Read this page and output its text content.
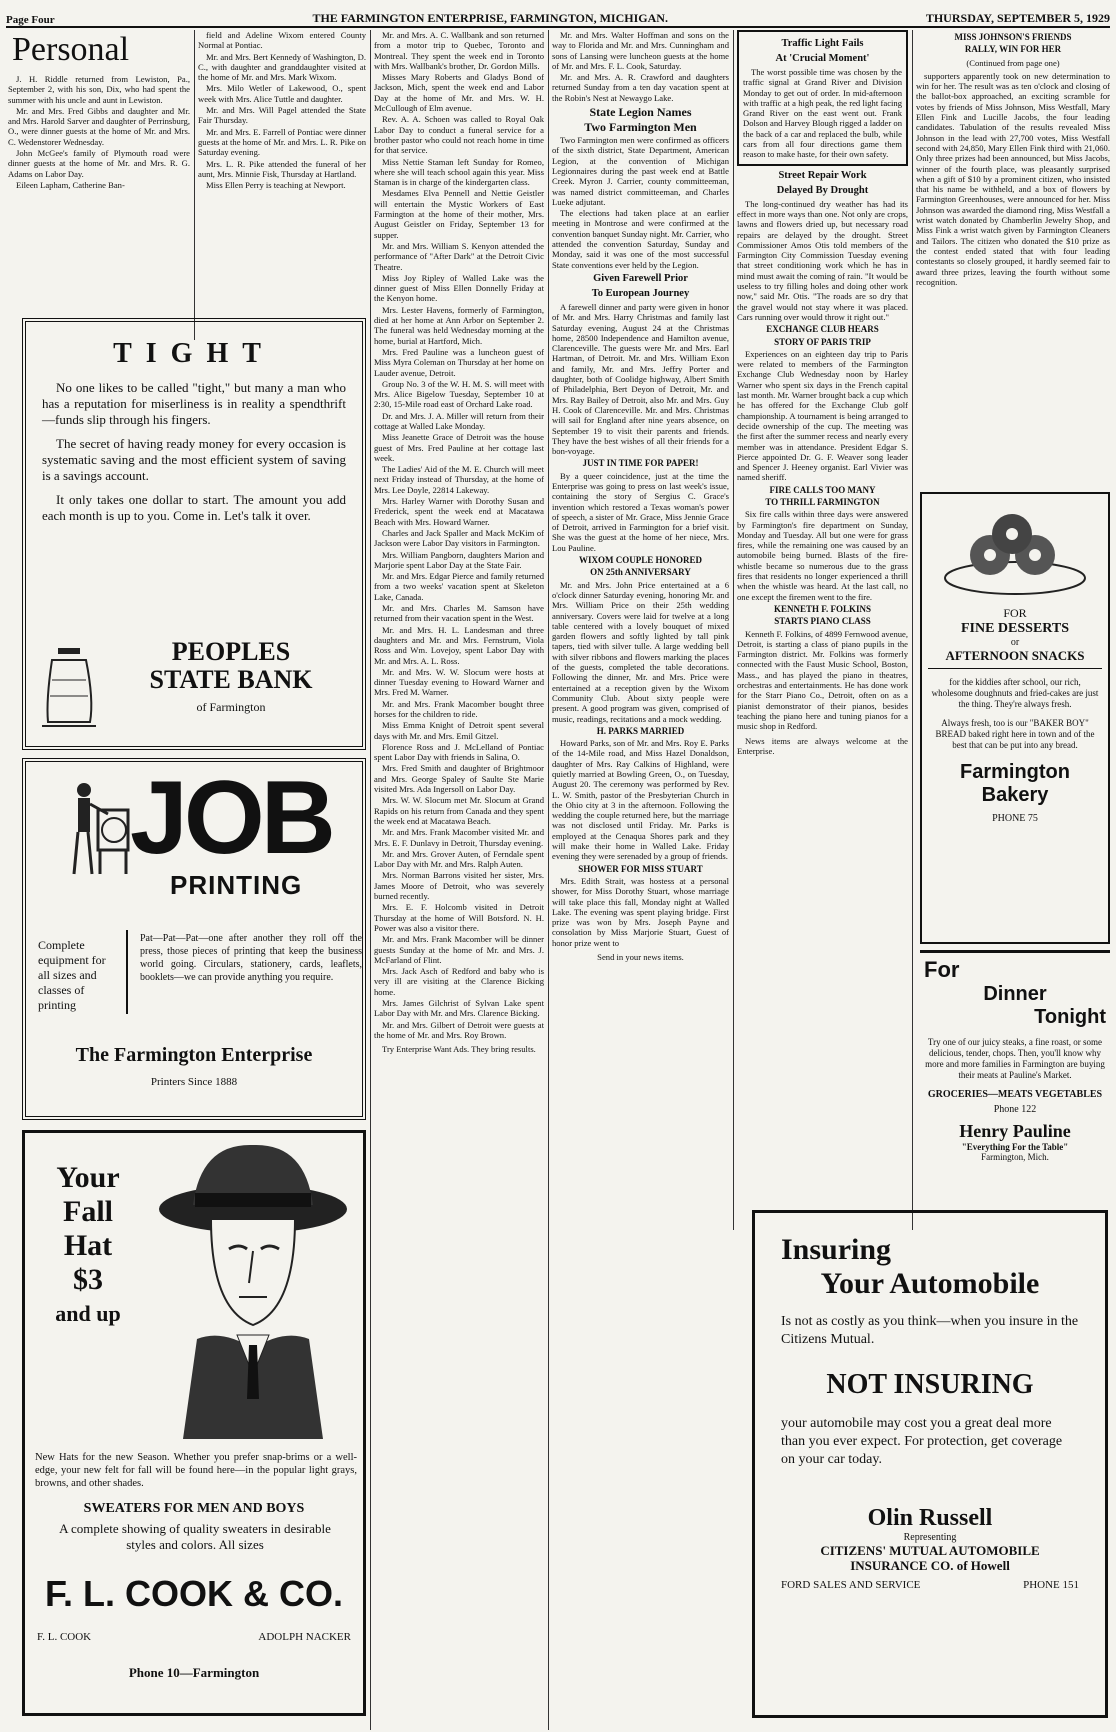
Page Four	THE FARMINGTON ENTERPRISE, FARMINGTON, MICHIGAN.	THURSDAY, SEPTEMBER 5, 1929
Personal

J. H. Riddle returned from Lewiston, Pa., September 2, with his son, Dix, who had spent the summer with his uncle and aunt in Lewiston.

Mr. and Mrs. Fred Gibbs and daughter and Mr. and Mrs. Harold Sarver and daughter of Perrinsburg, O., were dinner guests at the home of Mr. and Mrs. C. Wedenstorer Wednesday.

John McGee's family of Plymouth road were dinner guests at the home of Mr. and Mrs. R. G. Adams on Labor Day.

Eileen Lapham, Catherine Ban-

field and Adeline Wixom entered County Normal at Pontiac.

Mr. and Mrs. Bert Kennedy of Washington, D. C., with daughter and granddaughter visited at the home of Mr. and Mrs. Mark Wixom.

Mrs. Milo Wetler of Lakewood, O., spent week with Mrs. Alice Tuttle and daughter.

Mr. and Mrs. Will Pagel attended the State Fair Thursday.

Mr. and Mrs. E. Farrell of Pontiac were dinner guests at the home of Mr. and Mrs. L. R. Pike on Saturday evening.

Mrs. L. R. Pike attended the funeral of her aunt, Mrs. Minnie Fisk, Thursday at Hartland.

Miss Ellen Perry is teaching at Newport.

TIGHT

No one likes to be called "tight," but many a man who has a reputation for miserliness is in reality a spendthrift—funds slip through his fingers.

The secret of having ready money for every occasion is systematic saving and the most efficient system of saving is a savings account.

It only takes one dollar to start. The amount you add each month is up to you. Come in. Let's talk it over.

PEOPLES
STATE BANK
of Farmington
JOB
PRINTING
Complete equipment for all sizes and classes of printing
Pat—Pat—Pat—one after another they roll off the press, those pieces of printing that keep the business world going. Circulars, stationery, cards, leaflets, booklets—we can provide anything you require.
The Farmington Enterprise
Printers Since 1888
Your
Fall
Hat
$3
and up
New Hats for the new Season. Whether you prefer snap-brims or a well-edge, your new felt for fall will be found here—in the popular light grays, browns, and other shades.
SWEATERS FOR MEN AND BOYS
A complete showing of quality sweaters in desirable styles and colors. All sizes
F. L. COOK & CO.
F. L. COOK	ADOLPH NACKER
Phone 10—Farmington

Mr. and Mrs. A. C. Wallbank and son returned from a motor trip to Quebec, Toronto and Montreal. They spent the week end in Toronto with Mrs. Wallbank's brother, Dr. Gordon Mills.

Misses Mary Roberts and Gladys Bond of Jackson, Mich, spent the week end and Labor Day at the home of Mr. and Mrs. W. H. McCullough of Elm avenue.

Rev. A. A. Schoen was called to Royal Oak Labor Day to conduct a funeral service for a brother pastor who could not reach home in time for that service.

Miss Nettie Staman left Sunday for Romeo, where she will teach school again this year. Miss Staman is in charge of the kindergarten class.

Mesdames Elva Pennell and Nettie Geistler will entertain the Mystic Workers of East Farmington at the home of their mother, Mrs. August Geistler on Friday, September 13 for supper.

Mr. and Mrs. William S. Kenyon attended the performance of "After Dark" at the Detroit Civic Theatre.

Miss Joy Ripley of Walled Lake was the dinner guest of Miss Ellen Donnelly Friday at the Kenyon home.

Mrs. Lester Havens, formerly of Farmington, died at her home at Ann Arbor on September 2. The funeral was held Wednesday morning at the home, burial at Hartford, Mich.

Mrs. Fred Pauline was a luncheon guest of Miss Myra Coleman on Thursday at her home on Lauder avenue, Detroit.

Group No. 3 of the W. H. M. S. will meet with Mrs. Alice Bigelow Tuesday, September 10 at 2:30, 15-Mile road east of Orchard Lake road.

Dr. and Mrs. J. A. Miller will return from their cottage at Walled Lake Monday.

Miss Jeanette Grace of Detroit was the house guest of Mrs. Fred Pauline at her cottage last week.

The Ladies' Aid of the M. E. Church will meet next Friday instead of Thursday, at the home of Mrs. Lee Doyle, 22814 Lakeway.

Mrs. Harley Warner with Dorothy Susan and Frederick, spent the week end at Macatawa Beach with Mrs. Howard Warner.

Charles and Jack Spaller and Mack McKim of Jackson were Labor Day visitors in Farmington.

Mrs. William Pangborn, daughters Marion and Marjorie spent Labor Day at the State Fair.

Mr. and Mrs. Edgar Pierce and family returned from a two weeks' vacation spent at Skeleton Lake, Canada.

Mr. and Mrs. Charles M. Samson have returned from their vacation spent in the West.

Mr. and Mrs. H. L. Landesman and three daughters and Mr. and Mrs. Fernstrum, Viola Ross and Wm. Lovejoy, spent Labor Day with Mr. and Mrs. A. L. Ross.

Mr. and Mrs. W. W. Slocum were hosts at dinner Tuesday evening to Howard Warner and Mrs. Fred M. Warner.

Mr. and Mrs. Frank Macomber bought three horses for the children to ride.

Miss Emma Knight of Detroit spent several days with Mr. and Mrs. Emil Gitzel.

Florence Ross and J. McLelland of Pontiac spent Labor Day with friends in Salina, O.

Mrs. Fred Smith and daughter of Brightmoor and Mrs. George Spaley of Saulte Ste Marie visited Mrs. Ada Ingersoll on Labor Day.

Mrs. W. W. Slocum met Mr. Slocum at Grand Rapids on his return from Canada and they spent the week end at Macatawa Beach.

Mr. and Mrs. Frank Macomber visited Mr. and Mrs. E. F. Dunlavy in Detroit, Thursday evening.

Mr. and Mrs. Grover Auten, of Ferndale spent Labor Day with Mr. and Mrs. Ralph Auten.

Mrs. Norman Barrons visited her sister, Mrs. James Moore of Detroit, who was severely burned recently.

Mrs. E. F. Holcomb visited in Detroit Thursday at the home of Will Botsford. N. H. Power was also a visitor there.

Mr. and Mrs. Frank Macomber will be dinner guests Sunday at the home of Mr. and Mrs. J. McFarland of Flint.

Mrs. Jack Asch of Redford and baby who is very ill are visiting at the Clarence Bicking home.

Mrs. James Gilchrist of Sylvan Lake spent Labor Day with Mr. and Mrs. Clarence Bicking.

Mr. and Mrs. Gilbert of Detroit were guests at the home of Mr. and Mrs. Roy Brown.

Try Enterprise Want Ads. They bring results.

Mr. and Mrs. Walter Hoffman and sons on the way to Florida and Mr. and Mrs. Cunningham and sons of Lansing were luncheon guests at the home of Mr. and Mrs. F. L. Cook, Saturday.

Mr. and Mrs. A. R. Crawford and daughters returned Sunday from a ten day vacation spent at the Robin's Nest at Newaygo Lake.

State Legion Names
Two Farmington Men

Two Farmington men were confirmed as officers of the sixth district, State Department, American Legion, at the convention of Michigan Legionnaires during the past week end at Battle Creek. Myron J. Carrier, county committeeman, was named district committeeman, and Charles Lueke adjutant.

The elections had taken place at an earlier meeting in Montrose and were confirmed at the convention banquet Sunday night. Mr. Carrier, who attended the convention Saturday, Sunday and Monday, said it was one of the most successful State conventions ever held by the Legion.

Given Farewell Prior
To European Journey

A farewell dinner and party were given in honor of Mr. and Mrs. Harry Christmas and family last Saturday evening, August 24 at the Christmas home, 28500 Independence and Hamilton avenue, Clarenceville. The guests were Mr. and Mrs. Earl Hartman, of Detroit. Mr. and Mrs. William Exon and family, Mr. and Mrs. Jeffry Porter and daughter, both of Coolidge highway, Albert Smith of Philadelphia, Bert Deyon of Detroit, Mr. and Mrs. Ray Bailey of Detroit, also Mr. and Mrs. Guy H. Cook of Clarenceville. Mr. and Mrs. Christmas will sail for England after nine years absence, on September 19 to visit their parents and friends. They have the best wishes of all their friends for a bon-voyage.

JUST IN TIME FOR PAPER!

By a queer coincidence, just at the time the Enterprise was going to press on last week's issue, containing the story of Sergius C. Grace's invention which restored a Texas woman's power of speech, a sister of Mr. Grace, Miss Jennie Grace of Detroit, arrived in Farmington for a brief visit. She was the guest at the home of her niece, Mrs. Lou Pauline.

WIXOM COUPLE HONORED
ON 25th ANNIVERSARY

Mr. and Mrs. John Price entertained at a 6 o'clock dinner Saturday evening, honoring Mr. and Mrs. William Price on their 25th wedding anniversary. Covers were laid for twelve at a long table centered with a lovely bouquet of mixed garden flowers and softly lighted by tall pink tapers, tied with silver tulle. A large wedding bell with silver ribbons and flowers marking the places of the guests, completed the table decorations. Following the dinner, Mr. and Mrs. Price were entertained at a reception given by the Wixom Community Club. About sixty people were present. A good program was given, comprised of music, readings, recitations and a mock wedding.

H. PARKS MARRIED

Howard Parks, son of Mr. and Mrs. Roy E. Parks of the 14-Mile road, and Miss Hazel Donaldson, daughter of Mrs. Ray Calkins of Highland, were quietly married at Bowling Green, O., on Tuesday, August 20. The ceremony was performed by Rev. L. W. Smith, pastor of the Presbyterian Church in the Ohio city at 3 in the afternoon. Following the wedding the couple returned here, but the marriage was not disclosed until Friday. Mr. Parks is employed at the Cenaqua Shores park and they will make their home in Walled Lake. Friday evening they were serenaded by a group of friends.

SHOWER FOR MISS STUART

Mrs. Edith Strait, was hostess at a personal shower, for Miss Dorothy Stuart, whose marriage will take place this fall, Monday night at Walled Lake. The evening was spent playing bridge. First prize was won by Mrs. Joseph Payne and consolation by Miss Marjorie Stuart, Guest of honor prize went to

Send in your news items.

Traffic Light Fails
At 'Crucial Moment'

The worst possible time was chosen by the traffic signal at Grand River and Division Monday to get out of order. In mid-afternoon with traffic at a high peak, the red light facing Grand River on the east went out. Frank Dolson and Harvey Blough rigged a ladder on the back of a car and replaced the bulb, while cars from all four directions game them reason to make haste, for their own safety.

Street Repair Work
Delayed By Drought

The long-continued dry weather has had its effect in more ways than one. Not only are crops, lawns and flowers dried up, but necessary road repairs are delayed by the drought. Street Commissioner Amos Otis told members of the Farmington City Commission Tuesday evening that street conditioning work which he has in mind must await the coming of rain. "It would be useless to try filling holes and doing other work now," said Mr. Otis. "The roads are so dry that the gravel would not stay where it was placed. Cars running over would throw it right out."

EXCHANGE CLUB HEARS
STORY OF PARIS TRIP

Experiences on an eighteen day trip to Paris were related to members of the Farmington Exchange Club Wednesday noon by Harley Warner who spent six days in the French capital last month. Mr. Warner brought back a cup which he has offered for the Exchange Club golf championship. A tournament is being arranged to decide ownership of the cup. The meeting was the first after the summer recess and nearly every member was in attendance. President Edgar S. Pierce appointed Dr. G. F. Weaver song leader and Spencer J. Heeney organist. Earl Vivier was named sheriff.

FIRE CALLS TOO MANY
TO THRILL FARMINGTON

Six fire calls within three days were answered by Farmington's fire department on Sunday, Monday and Tuesday. All but one were for grass fires, while the remaining one was caused by an automobile being burned. Blasts of the fire-whistle became so numerous due to the grass fires that residents no longer experienced a thrill when the whistle was heard. At the last call, no one except the firemen went to the fire.

KENNETH F. FOLKINS
STARTS PIANO CLASS

Kenneth F. Folkins, of 4899 Fernwood avenue, Detroit, is starting a class of piano pupils in the Farmington district. Mr. Folkins was formerly connected with the Faust Music School, Boston, Mass., and has played the piano in theatres, orchestras and entertainments. He has done work for the Starr Piano Co., Detroit, often on as a pianist demonstrator of their pianos, besides teaching the piano here and tuning pianos for a music shop in Redford.

News items are always welcome at the Enterprise.

MISS JOHNSON'S FRIENDS
RALLY, WIN FOR HER
(Continued from page one)

supporters apparently took on new determination to win for her. The result was as ten o'clock and closing of the ballot-box approached, an exciting scramble for votes by friends of Miss Johnson, Miss Westfall, Mary Ellen Fink and Lucille Jacobs, the four leading candidates. Tabulation of the results revealed Miss Johnson in the lead with 27,700 votes, Miss Westfall second with 24,850, Mary Ellen Fink third with 21,060. Only three prizes had been announced, but Miss Jacobs, winner of the fourth place, was pleasantly surprised when a gift of $10 by a prominent citizen, who insisted that his name be withheld, and a box of flowers by Farmington Greenhouses, were announced for her. Miss Johnson was awarded the diamond ring, Miss Westfall a wrist watch donated by Chamberlin Jewelry Shop, and Miss Fink a wrist watch given by Farmington Cleaners and Tailors. The citizen who donated the $10 prize as the contest ended stated that with four leading contestants so closely grouped, it hardly seemed fair to award three prizes, leaving the fourth without some recognition.

FOR
FINE DESSERTS
or
AFTERNOON SNACKS
for the kiddies after school, our rich, wholesome doughnuts and fried-cakes are just the thing. They're always fresh.
Always fresh, too is our "BAKER BOY" BREAD baked right here in town and of the best that can be put into any bread.
Farmington
Bakery
PHONE 75
For
Dinner
Tonight
Try one of our juicy steaks, a fine roast, or some delicious, tender, chops. Then, you'll know why more and more families in Farmington are buying their meats at Pauline's Market.
GROCERIES—MEATS VEGETABLES
Phone 122
Henry Pauline
"Everything For the Table"
Farmington, Mich.
Insuring
Your Automobile
Is not as costly as you think—when you insure in the Citizens Mutual.
NOT INSURING
your automobile may cost you a great deal more than you ever expect. For protection, get coverage on your car today.
Olin Russell
Representing
CITIZENS' MUTUAL AUTOMOBILE INSURANCE CO. of Howell
FORD SALES AND SERVICE	PHONE 151
